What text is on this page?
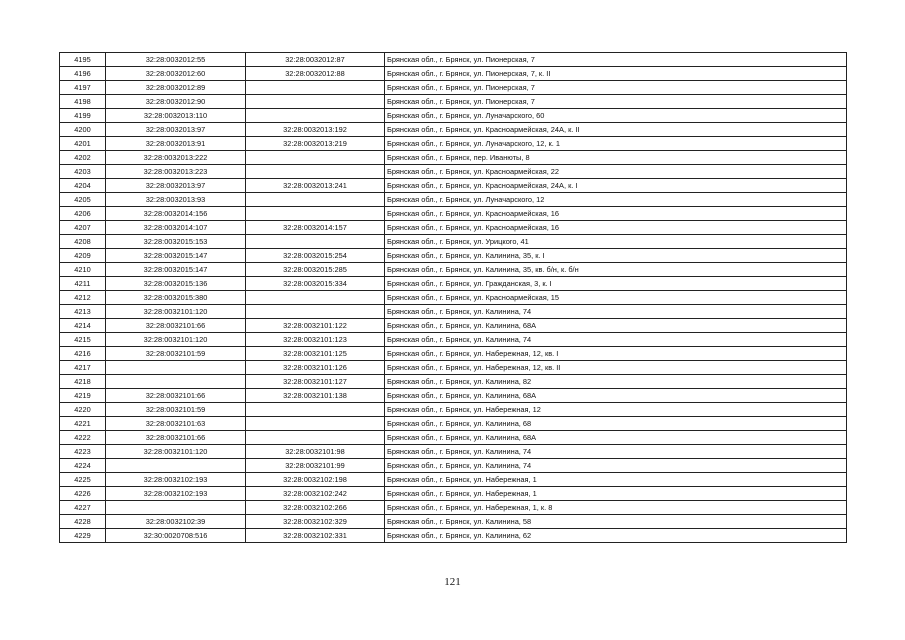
4195	32:28:0032012:55	32:28:0032012:87	Брянская обл., г. Брянск, ул. Пионерская, 7
4196	32:28:0032012:60	32:28:0032012:88	Брянская обл., г. Брянск, ул. Пионерская, 7, к. II
4197	32:28:0032012:89		Брянская обл., г. Брянск, ул. Пионерская, 7
4198	32:28:0032012:90		Брянская обл., г. Брянск, ул. Пионерская, 7
4199	32:28:0032013:110		Брянская обл., г. Брянск, ул. Луначарского, 60
4200	32:28:0032013:97	32:28:0032013:192	Брянская обл., г. Брянск, ул. Красноармейская, 24А, к. II
4201	32:28:0032013:91	32:28:0032013:219	Брянская обл., г. Брянск, ул. Луначарского, 12, к. 1
4202	32:28:0032013:222		Брянская обл., г. Брянск, пер. Иванюты, 8
4203	32:28:0032013:223		Брянская обл., г. Брянск, ул. Красноармейская, 22
4204	32:28:0032013:97	32:28:0032013:241	Брянская обл., г. Брянск, ул. Красноармейская, 24А, к. I
4205	32:28:0032013:93		Брянская обл., г. Брянск, ул. Луначарского, 12
4206	32:28:0032014:156		Брянская обл., г. Брянск, ул. Красноармейская, 16
4207	32:28:0032014:107	32:28:0032014:157	Брянская обл., г. Брянск, ул. Красноармейская, 16
4208	32:28:0032015:153		Брянская обл., г. Брянск, ул. Урицкого, 41
4209	32:28:0032015:147	32:28:0032015:254	Брянская обл., г. Брянск, ул. Калинина, 35, к. I
4210	32:28:0032015:147	32:28:0032015:285	Брянская обл., г. Брянск, ул. Калинина, 35, кв. б/н, к. б/н
4211	32:28:0032015:136	32:28:0032015:334	Брянская обл., г. Брянск, ул. Гражданская, 3, к. I
4212	32:28:0032015:380		Брянская обл., г. Брянск, ул. Красноармейская, 15
4213	32:28:0032101:120		Брянская обл., г. Брянск, ул. Калинина, 74
4214	32:28:0032101:66	32:28:0032101:122	Брянская обл., г. Брянск, ул. Калинина, 68А
4215	32:28:0032101:120	32:28:0032101:123	Брянская обл., г. Брянск, ул. Калинина, 74
4216	32:28:0032101:59	32:28:0032101:125	Брянская обл., г. Брянск, ул. Набережная, 12, кв. I
4217		32:28:0032101:126	Брянская обл., г. Брянск, ул. Набережная, 12, кв. II
4218		32:28:0032101:127	Брянская обл., г. Брянск, ул. Калинина, 82
4219	32:28:0032101:66	32:28:0032101:138	Брянская обл., г. Брянск, ул. Калинина, 68А
4220	32:28:0032101:59		Брянская обл., г. Брянск, ул. Набережная, 12
4221	32:28:0032101:63		Брянская обл., г. Брянск, ул. Калинина, 68
4222	32:28:0032101:66		Брянская обл., г. Брянск, ул. Калинина, 68А
4223	32:28:0032101:120	32:28:0032101:98	Брянская обл., г. Брянск, ул. Калинина, 74
4224		32:28:0032101:99	Брянская обл., г. Брянск, ул. Калинина, 74
4225	32:28:0032102:193	32:28:0032102:198	Брянская обл., г. Брянск, ул. Набережная, 1
4226	32:28:0032102:193	32:28:0032102:242	Брянская обл., г. Брянск, ул. Набережная, 1
4227		32:28:0032102:266	Брянская обл., г. Брянск, ул. Набережная, 1, к. 8
4228	32:28:0032102:39	32:28:0032102:329	Брянская обл., г. Брянск, ул. Калинина, 58
4229	32:30:0020708:516	32:28:0032102:331	Брянская обл., г. Брянск, ул. Калинина, 62
121
